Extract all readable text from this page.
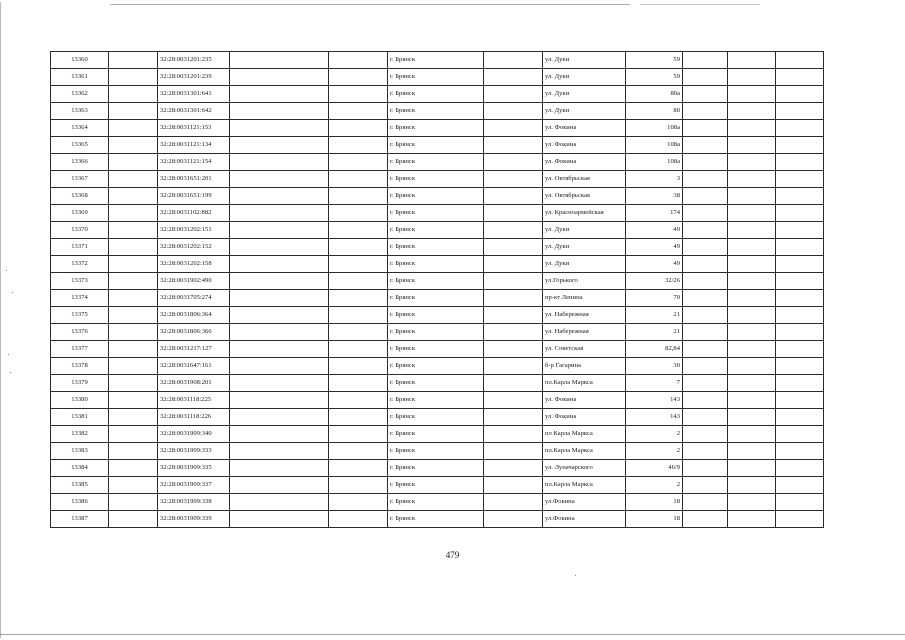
13360		32:28:0031201:235			г. Брянск		ул. Дуки	59			
13361		32:28:0031201:239			г. Брянск		ул. Дуки	59			
13362		32:28:0031301:641			г. Брянск		ул. Дуки	80а			
13363		32:28:0031301:642			г. Брянск		ул. Дуки	80			
13364		32:28:0031121:153			г. Брянск		ул. Фокина	108а			
13365		32:28:0031121:134			г. Брянск		ул. Фокина	108а			
13366		32:28:0031121:154			г. Брянск		ул. Фокина	108а			
13367		32:28:0031651:201			г. Брянск		ул. Октябрьская	3			
13368		32:28:0031651:199			г. Брянск		ул. Октябрьская	38			
13369		32:28:0031102:882			г. Брянск		ул. Красноармейская	174			
13370		32:28:0031202:151			г. Брянск		ул. Дуки	49			
13371		32:28:0031202:152			г. Брянск		ул. Дуки	49			
13372		32:28:0031202:158			г. Брянск		ул. Дуки	49			
13373		32:28:0031902:490			г. Брянск		ул.Горького	32/26			
13374		32:28:0031705:274			г. Брянск		пр-кт Ленина	70			
13375		32:28:0031806:364			г. Брянск		ул. Набережная	21			
13376		32:28:0031806:366			г. Брянск		ул. Набережная	21			
13377		32:28:0031217:127			г. Брянск		ул. Советская	82,84			
13378		32:28:0031647:161			г. Брянск		б-р Гагарина	30			
13379		32:28:0031908:201			г. Брянск		пл.Карла Маркса	7			
13380		32:28:0031118:225			г. Брянск		ул. Фокина	143			
13381		32:28:0031118:226			г. Брянск		ул. Фокина	143			
13382		32:28:0031909:340			г. Брянск		пл Карла Маркса	2			
13383		32:28:0031909:333			г. Брянск		пл.Карла Маркса	2			
13384		32:28:0031909:335			г. Брянск		ул. Луначарского	46/9			
13385		32:28:0031909:337			г. Брянск		пл.Карла Маркса	2			
13386		32:28:0031909:338			г. Брянск		ул.Фокина	18			
13387		32:28:0031909:339			г. Брянск		ул.Фокина	18			
479
